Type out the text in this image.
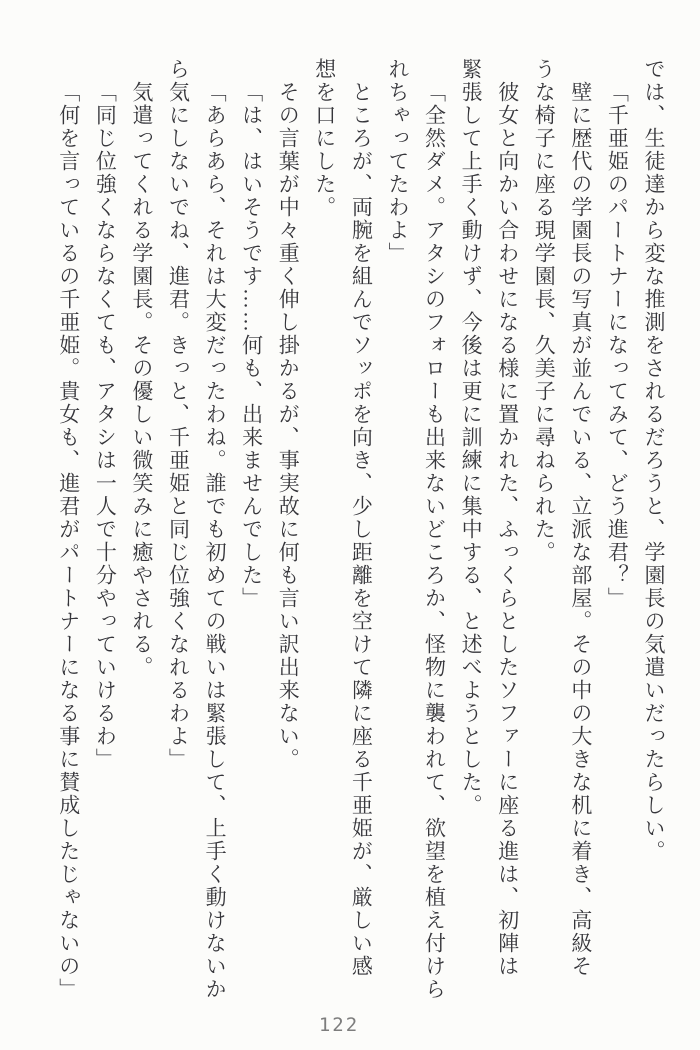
では、生徒達から変な推測をされるだろうと、学園長の気遣いだったらしい。
「千亜姫のパートナーになってみて、どう進君？」
壁に歴代の学園長の写真が並んでいる、立派な部屋。その中の大きな机に着き、高級そ
うな椅子に座る現学園長、久美子に尋ねられた。
彼女と向かい合わせになる様に置かれた、ふっくらとしたソファーに座る進は、初陣は
緊張して上手く動けず、今後は更に訓練に集中する、と述べようとした。
「全然ダメ。アタシのフォローも出来ないどころか、怪物に襲われて、欲望を植え付けら
れちゃってたわよ」
ところが、両腕を組んでソッポを向き、少し距離を空けて隣に座る千亜姫が、厳しい感
想を口にした。
その言葉が中々重く伸し掛かるが、事実故に何も言い訳出来ない。
「は、はいそうです……何も、出来ませんでした」
「あらあら、それは大変だったわね。誰でも初めての戦いは緊張して、上手く動けないか
ら気にしないでね、進君。きっと、千亜姫と同じ位強くなれるわよ」
気遣ってくれる学園長。その優しい微笑みに癒やされる。
「同じ位強くならなくても、アタシは一人で十分やっていけるわ」
「何を言っているの千亜姫。貴女も、進君がパートナーになる事に賛成したじゃないの」
122
